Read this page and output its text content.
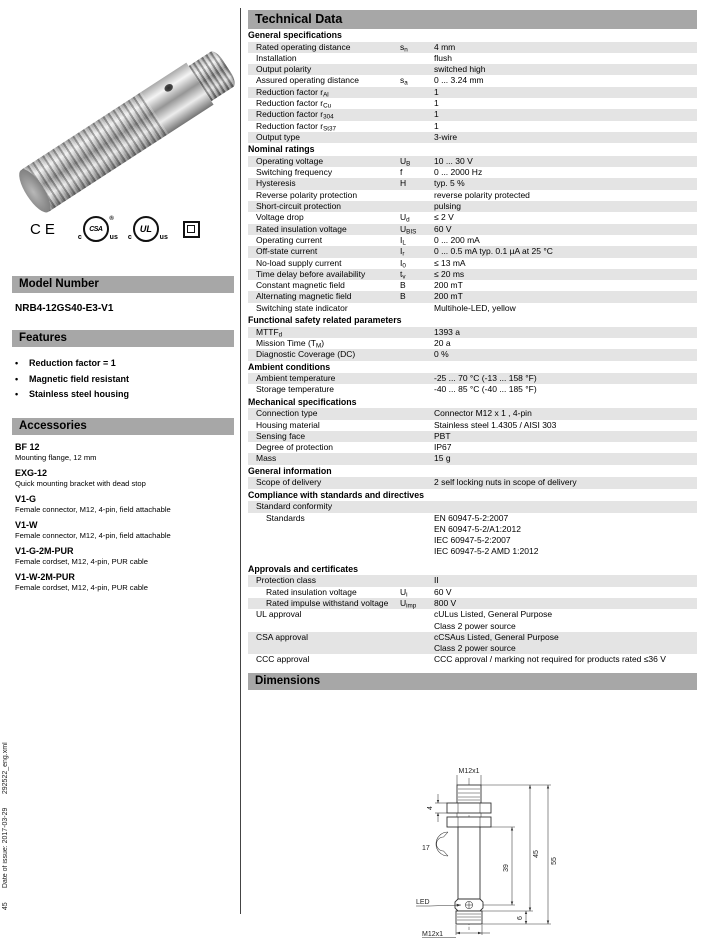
CE	CSA
®
c	us
UL
c	us
Model Number
NRB4-12GS40-E3-V1
Features
•	Reduction factor = 1
•	Magnetic field resistant
•	Stainless steel housing
Accessories
BF 12
Mounting flange, 12 mm
EXG-12
Quick mounting bracket with dead stop
V1-G
Female connector, M12, 4-pin, field attachable
V1-W
Female connector, M12, 4-pin, field attachable
V1-G-2M-PUR
Female cordset, M12, 4-pin, PUR cable
V1-W-2M-PUR
Female cordset, M12, 4-pin, PUR cable
45Date of issue: 2017-03-29292522_eng.xml
Technical Data
General specifications
Rated operating distance	$s_n$	4 mm
Installation	flush
Output polarity	switched high
Assured operating distance	$s_a$	0 ... 3.24 mm
Reduction factor $r_{Al}$	1
Reduction factor $r_{Cu}$	1
Reduction factor $r_{304}$	1
Reduction factor $r_{St37}$	1
Output type	3-wire
Nominal ratings
Operating voltage	$U_B$	10 ... 30 V
Switching frequency	f	0 ... 2000 Hz
Hysteresis	H	typ. 5 %
Reverse polarity protection	reverse polarity protected
Short-circuit protection	pulsing
Voltage drop	$U_d$	≤ 2 V
Rated insulation voltage	$U_{BIS}$	60 V
Operating current	$I_L$	0 ... 200 mA
Off-state current	$I_r$	0 ... 0.5 mA typ. 0.1 µA at 25 °C
No-load supply current	$I_0$	≤ 13 mA
Time delay before availability	$t_v$	≤ 20 ms
Constant magnetic field	B	200 mT
Alternating magnetic field	B	200 mT
Switching state indicator	Multihole-LED, yellow
Functional safety related parameters
$MTTF_d$	1393 a
Mission Time $(T_M)$	20 a
Diagnostic Coverage (DC)	0 %
Ambient conditions
Ambient temperature	-25 ... 70 °C (-13 ... 158 °F)
Storage temperature	-40 ... 85 °C (-40 ... 185 °F)
Mechanical specifications
Connection type	Connector M12 x 1 , 4-pin
Housing material	Stainless steel 1.4305 / AISI 303
Sensing face	PBT
Degree of protection	IP67
Mass	15 g
General information
Scope of delivery	2 self locking nuts in scope of delivery
Compliance with standards and directives
Standard conformity
Standards	EN 60947-5-2:2007
EN 60947-5-2/A1:2012
IEC 60947-5-2:2007
IEC 60947-5-2 AMD 1:2012
Approvals and certificates
Protection class	II
Rated insulation voltage	$U_i$	60 V
Rated impulse withstand voltage	$U_{imp}$	800 V
UL approval	cULus Listed, General Purpose
Class 2 power source
CSA approval	cCSAus Listed, General Purpose
Class 2 power source
CCC approval	CCC approval / marking not required for products rated ≤36 V
Dimensions
M12x1
4
17
LED
39
6
45
55
M12x1
